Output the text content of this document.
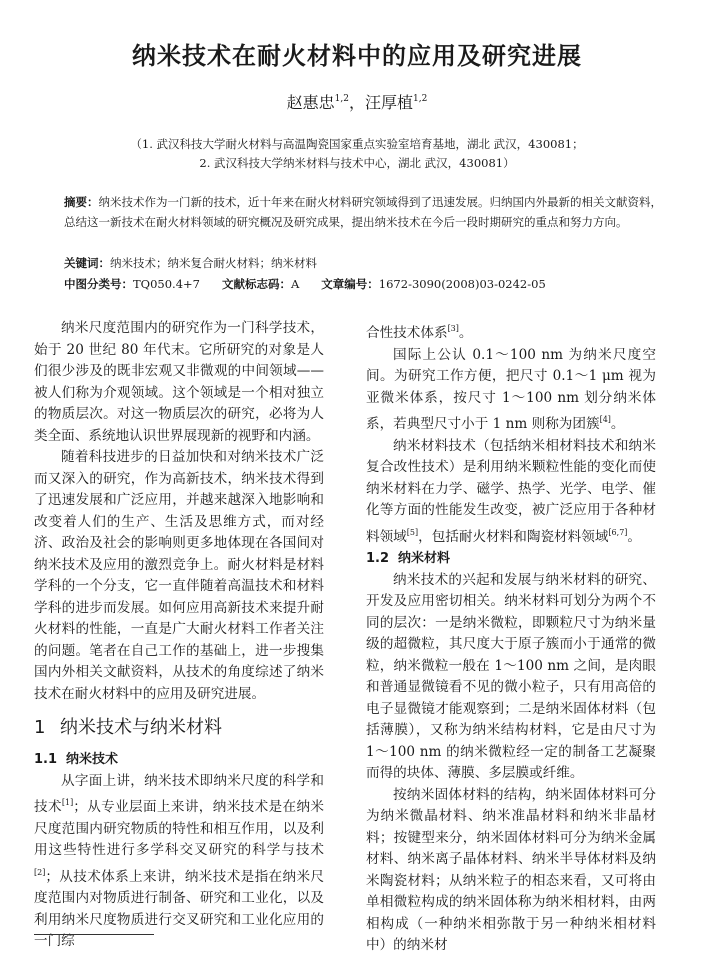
纳米技术在耐火材料中的应用及研究进展
赵惠忠$^{1,2}$，汪厚植$^{1,2}$
（1. 武汉科技大学耐火材料与高温陶瓷国家重点实验室培育基地，湖北 武汉，430081；
2. 武汉科技大学纳米材料与技术中心，湖北 武汉，430081）
摘要：纳米技术作为一门新的技术，近十年来在耐火材料研究领域得到了迅速发展。归纳国内外最新的相关文献资料，总结这一新技术在耐火材料领域的研究概况及研究成果，提出纳米技术在今后一段时期研究的重点和努力方向。
关键词：纳米技术；纳米复合耐火材料；纳米材料
中图分类号：TQ050.4+7 文献标志码：A 文章编号：1672-3090(2008)03-0242-05

纳米尺度范围内的研究作为一门科学技术，始于 20 世纪 80 年代末。它所研究的对象是人们很少涉及的既非宏观又非微观的中间领域——被人们称为介观领域。这个领域是一个相对独立的物质层次。对这一物质层次的研究，必将为人类全面、系统地认识世界展现新的视野和内涵。

随着科技进步的日益加快和对纳米技术广泛而又深入的研究，作为高新技术，纳米技术得到了迅速发展和广泛应用，并越来越深入地影响和改变着人们的生产、生活及思维方式，而对经济、政治及社会的影响则更多地体现在各国间对纳米技术及应用的激烈竞争上。耐火材料是材料学科的一个分支，它一直伴随着高温技术和材料学科的进步而发展。如何应用高新技术来提升耐火材料的性能，一直是广大耐火材料工作者关注的问题。笔者在自己工作的基础上，进一步搜集国内外相关文献资料，从技术的角度综述了纳米技术在耐火材料中的应用及研究进展。

1 纳米技术与纳米材料
1.1 纳米技术

从字面上讲，纳米技术即纳米尺度的科学和技术[1]；从专业层面上来讲，纳米技术是在纳米尺度范围内研究物质的特性和相互作用，以及利用这些特性进行多学科交叉研究的科学与技术[2]；从技术体系上来讲，纳米技术是指在纳米尺度范围内对物质进行制备、研究和工业化，以及利用纳米尺度物质进行交叉研究和工业化应用的一门综

合性技术体系[3]。

国际上公认 0.1～100 nm 为纳米尺度空间。为研究工作方便，把尺寸 0.1～1 μm 视为亚微米体系，按尺寸 1～100 nm 划分纳米体系，若典型尺寸小于 1 nm 则称为团簇[4]。

纳米材料技术（包括纳米相材料技术和纳米复合改性技术）是利用纳米颗粒性能的变化而使纳米材料在力学、磁学、热学、光学、电学、催化等方面的性能发生改变，被广泛应用于各种材料领域[5]，包括耐火材料和陶瓷材料领域[6,7]。

1.2 纳米材料

纳米技术的兴起和发展与纳米材料的研究、开发及应用密切相关。纳米材料可划分为两个不同的层次：一是纳米微粒，即颗粒尺寸为纳米量级的超微粒，其尺度大于原子簇而小于通常的微粒，纳米微粒一般在 1～100 nm 之间，是肉眼和普通显微镜看不见的微小粒子，只有用高倍的电子显微镜才能观察到；二是纳米固体材料（包括薄膜），又称为纳米结构材料，它是由尺寸为 1～100 nm 的纳米微粒经一定的制备工艺凝聚而得的块体、薄膜、多层膜或纤维。

按纳米固体材料的结构，纳米固体材料可分为纳米微晶材料、纳米准晶材料和纳米非晶材料；按键型来分，纳米固体材料可分为纳米金属材料、纳米离子晶体材料、纳米半导体材料及纳米陶瓷材料；从纳米粒子的相态来看，又可将由单相微粒构成的纳米固体称为纳米相材料，由两相构成（一种纳米相弥散于另一种纳米相材料中）的纳米材
